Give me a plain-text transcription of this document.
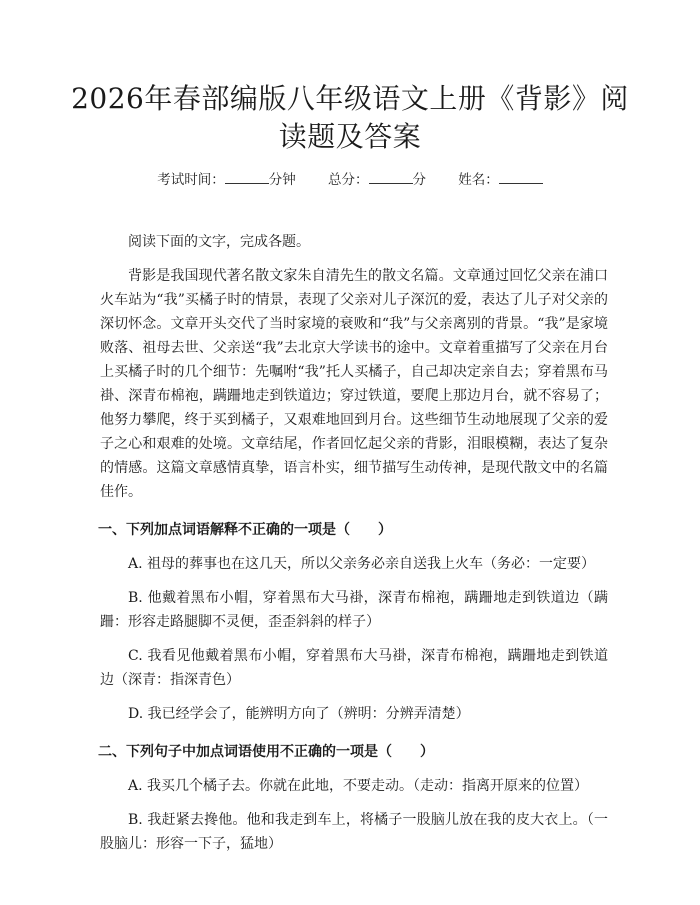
2026年春部编版八年级语文上册《背影》阅读题及答案
考试时间：	分钟 总分：	分 姓名：

阅读下面的文字，完成各题。

背影是我国现代著名散文家朱自清先生的散文名篇。文章通过回忆父亲在浦口火车站为“我”买橘子时的情景，表现了父亲对儿子深沉的爱，表达了儿子对父亲的深切怀念。文章开头交代了当时家境的衰败和“我”与父亲离别的背景。“我”是家境败落、祖母去世、父亲送“我”去北京大学读书的途中。文章着重描写了父亲在月台上买橘子时的几个细节：先嘱咐“我”托人买橘子，自己却决定亲自去；穿着黑布马褂、深青布棉袍，蹒跚地走到铁道边；穿过铁道，要爬上那边月台，就不容易了；他努力攀爬，终于买到橘子，又艰难地回到月台。这些细节生动地展现了父亲的爱子之心和艰难的处境。文章结尾，作者回忆起父亲的背影，泪眼模糊，表达了复杂的情感。这篇文章感情真挚，语言朴实，细节描写生动传神，是现代散文中的名篇佳作。

一、下列加点词语解释不正确的一项是（　　）

A. 祖母的葬事也在这几天，所以父亲务必亲自送我上火车（务必：一定要）

B. 他戴着黑布小帽，穿着黑布大马褂，深青布棉袍，蹒跚地走到铁道边（蹒跚：形容走路腿脚不灵便，歪歪斜斜的样子）

C. 我看见他戴着黑布小帽，穿着黑布大马褂，深青布棉袍，蹒跚地走到铁道边（深青：指深青色）

D. 我已经学会了，能辨明方向了（辨明：分辨弄清楚）

二、下列句子中加点词语使用不正确的一项是（　　）

A. 我买几个橘子去。你就在此地，不要走动。（走动：指离开原来的位置）

B. 我赶紧去搀他。他和我走到车上，将橘子一股脑儿放在我的皮大衣上。（一股脑儿：形容一下子，猛地）
